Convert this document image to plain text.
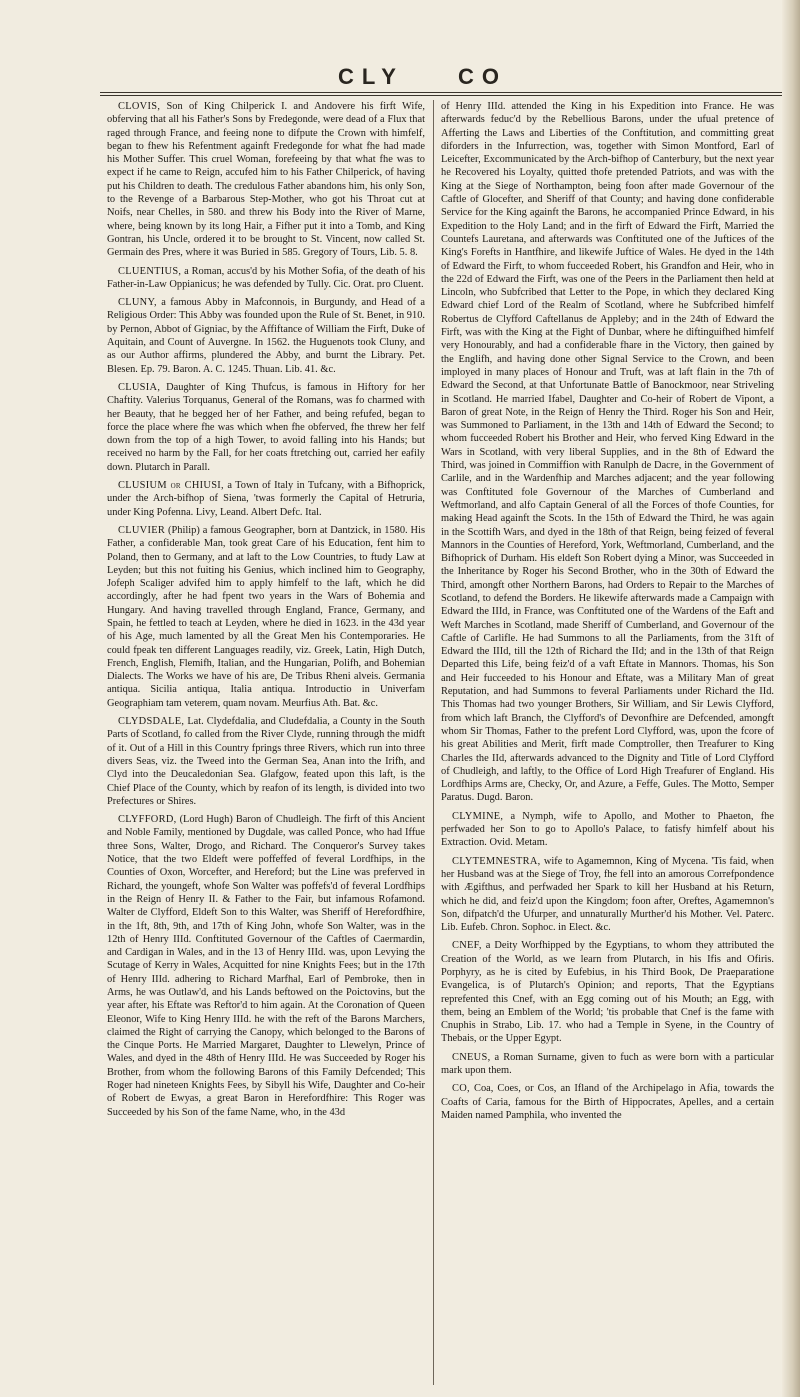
CLY CO

CLOVIS, Son of King Chilperick I. and Andovere his firft Wife, obferving that all his Father's Sons by Fredegonde, were dead of a Flux that raged through France, and feeing none to difpute the Crown with himfelf, began to fhew his Refentment againft Fredegonde for what fhe had made his Mother Suffer. This cruel Woman, forefeeing by that what fhe was to expect if he came to Reign, accufed him to his Father Chilperick, of having put his Children to death. The credulous Father abandons him, his only Son, to the Revenge of a Barbarous Step-Mother, who got his Throat cut at Noifs, near Chelles, in 580. and threw his Body into the River of Marne, where, being known by its long Hair, a Fifher put it into a Tomb, and King Gontran, his Uncle, ordered it to be brought to St. Vincent, now called St. Germain des Pres, where it was Buried in 585. Gregory of Tours, Lib. 5. 8.

CLUENTIUS, a Roman, accus'd by his Mother Sofia, of the death of his Father-in-Law Oppianicus; he was defended by Tully. Cic. Orat. pro Cluent.

CLUNY, a famous Abby in Mafconnois, in Burgundy, and Head of a Religious Order: This Abby was founded upon the Rule of St. Benet, in 910. by Pernon, Abbot of Gigniac, by the Affiftance of William the Firft, Duke of Aquitain, and Count of Auvergne. In 1562. the Huguenots took Cluny, and as our Author affirms, plundered the Abby, and burnt the Library. Pet. Blesen. Ep. 79. Baron. A. C. 1245. Thuan. Lib. 41. &c.

CLUSIA, Daughter of King Thufcus, is famous in Hiftory for her Chaftity. Valerius Torquanus, General of the Romans, was fo charmed with her Beauty, that he begged her of her Father, and being refufed, began to force the place where fhe was which when fhe obferved, fhe threw her felf down from the top of a high Tower, to avoid falling into his Hands; but received no harm by the Fall, for her coats ftretching out, carried her eafily down. Plutarch in Parall.

CLUSIUM or CHIUSI, a Town of Italy in Tufcany, with a Bifhoprick, under the Arch-bifhop of Siena, 'twas formerly the Capital of Hetruria, under King Pofenna. Livy, Leand. Albert Defc. Ital.

CLUVIER (Philip) a famous Geographer, born at Dantzick, in 1580. His Father, a confiderable Man, took great Care of his Education, fent him to Poland, then to Germany, and at laft to the Low Countries, to ftudy Law at Leyden; but this not fuiting his Genius, which inclined him to Geography, Jofeph Scaliger advifed him to apply himfelf to the laft, which he did accordingly, after he had fpent two years in the Wars of Bohemia and Hungary. And having travelled through England, France, Germany, and Spain, he fettled to teach at Leyden, where he died in 1623. in the 43d year of his Age, much lamented by all the Great Men his Contemporaries. He could fpeak ten different Languages readily, viz. Greek, Latin, High Dutch, French, English, Flemifh, Italian, and the Hungarian, Polifh, and Bohemian Dialects. The Works we have of his are, De Tribus Rheni alveis. Germania antiqua. Sicilia antiqua, Italia antiqua. Introductio in Univerfam Geographiam tam veterem, quam novam. Meurfius Ath. Bat. &c.

CLYDSDALE, Lat. Clydefdalia, and Cludefdalia, a County in the South Parts of Scotland, fo called from the River Clyde, running through the midft of it. Out of a Hill in this Country fprings three Rivers, which run into three divers Seas, viz. the Tweed into the German Sea, Anan into the Irifh, and Clyd into the Deucaledonian Sea. Glafgow, feated upon this laft, is the Chief Place of the County, which by reafon of its length, is divided into two Prefectures or Shires.

CLYFFORD, (Lord Hugh) Baron of Chudleigh. The firft of this Ancient and Noble Family, mentioned by Dugdale, was called Ponce, who had Iffue three Sons, Walter, Drogo, and Richard. The Conqueror's Survey takes Notice, that the two Eldeft were poffeffed of feveral Lordfhips, in the Counties of Oxon, Worcefter, and Hereford; but the Line was preferved in Richard, the youngeft, whofe Son Walter was poffefs'd of feveral Lordfhips in the Reign of Henry II. & Father to the Fair, but infamous Rofamond. Walter de Clyfford, Eldeft Son to this Walter, was Sheriff of Herefordfhire, in the 1ft, 8th, 9th, and 17th of King John, whofe Son Walter, was in the 12th of Henry IIId. Conftituted Governour of the Caftles of Caermardin, and Cardigan in Wales, and in the 13 of Henry IIId. was, upon Levying the Scutage of Kerry in Wales, Acquitted for nine Knights Fees; but in the 17th of Henry IIId. adhering to Richard Marfhal, Earl of Pembroke, then in Arms, he was Outlaw'd, and his Lands beftowed on the Poictovins, but the year after, his Eftate was Reftor'd to him again. At the Coronation of Queen Eleonor, Wife to King Henry IIId. he with the reft of the Barons Marchers, claimed the Right of carrying the Canopy, which belonged to the Barons of the Cinque Ports. He Married Margaret, Daughter to Llewelyn, Prince of Wales, and dyed in the 48th of Henry IIId. He was Succeeded by Roger his Brother, from whom the following Barons of this Family Defcended; This Roger had nineteen Knights Fees, by Sibyll his Wife, Daughter and Co-heir of Robert de Ewyas, a great Baron in Herefordfhire: This Roger was Succeeded by his Son of the fame Name, who, in the 43d

of Henry IIId. attended the King in his Expedition into France. He was afterwards feduc'd by the Rebellious Barons, under the ufual pretence of Afferting the Laws and Liberties of the Conftitution, and committing great diforders in the Infurrection, was, together with Simon Montford, Earl of Leicefter, Excommunicated by the Arch-bifhop of Canterbury, but the next year he Recovered his Loyalty, quitted thofe pretended Patriots, and was with the King at the Siege of Northampton, being foon after made Governour of the Caftle of Glocefter, and Sheriff of that County; and having done confiderable Service for the King againft the Barons, he accompanied Prince Edward, in his Expedition to the Holy Land; and in the firft of Edward the Firft, Married the Countefs Lauretana, and afterwards was Conftituted one of the Juftices of the King's Forefts in Hantfhire, and likewife Juftice of Wales. He dyed in the 14th of Edward the Firft, to whom fucceeded Robert, his Grandfon and Heir, who in the 22d of Edward the Firft, was one of the Peers in the Parliament then held at Lincoln, who Subfcribed that Letter to the Pope, in which they declared King Edward chief Lord of the Realm of Scotland, where he Subfcribed himfelf Robertus de Clyfford Caftellanus de Appleby; and in the 24th of Edward the Firft, was with the King at the Fight of Dunbar, where he diftinguifhed himfelf very Honourably, and had a confiderable fhare in the Victory, then gained by the Englifh, and having done other Signal Service to the Crown, and been imployed in many places of Honour and Truft, was at laft flain in the 7th of Edward the Second, at that Unfortunate Battle of Banockmoor, near Striveling in Scotland. He married Ifabel, Daughter and Co-heir of Robert de Vipont, a Baron of great Note, in the Reign of Henry the Third. Roger his Son and Heir, was Summoned to Parliament, in the 13th and 14th of Edward the Second; to whom fucceeded Robert his Brother and Heir, who ferved King Edward in the Wars in Scotland, with very liberal Supplies, and in the 8th of Edward the Third, was joined in Commiffion with Ranulph de Dacre, in the Government of Carlile, and in the Wardenfhip and Marches adjacent; and the year following was Conftituted fole Governour of the Marches of Cumberland and Weftmorland, and alfo Captain General of all the Forces of thofe Counties, for making Head againft the Scots. In the 15th of Edward the Third, he was again in the Scottifh Wars, and dyed in the 18th of that Reign, being feized of feveral Mannors in the Counties of Hereford, York, Weftmorland, Cumberland, and the Bifhoprick of Durham. His eldeft Son Robert dying a Minor, was Succeeded in the Inheritance by Roger his Second Brother, who in the 30th of Edward the Third, amongft other Northern Barons, had Orders to Repair to the Marches of Scotland, to defend the Borders. He likewife afterwards made a Campaign with Edward the IIId, in France, was Conftituted one of the Wardens of the Eaft and Weft Marches in Scotland, made Sheriff of Cumberland, and Governour of the Caftle of Carlifle. He had Summons to all the Parliaments, from the 31ft of Edward the IIId, till the 12th of Richard the IId; and in the 13th of that Reign Departed this Life, being feiz'd of a vaft Eftate in Mannors. Thomas, his Son and Heir fucceeded to his Honour and Eftate, was a Military Man of great Reputation, and had Summons to feveral Parliaments under Richard the IId. This Thomas had two younger Brothers, Sir William, and Sir Lewis Clyfford, from which laft Branch, the Clyfford's of Devonfhire are Defcended, amongft whom Sir Thomas, Father to the prefent Lord Clyfford, was, upon the fcore of his great Abilities and Merit, firft made Comptroller, then Treafurer to King Charles the IId, afterwards advanced to the Dignity and Title of Lord Clyfford of Chudleigh, and laftly, to the Office of Lord High Treafurer of England. His Lordfhips Arms are, Checky, Or, and Azure, a Feffe, Gules. The Motto, Semper Paratus. Dugd. Baron.

CLYMINE, a Nymph, wife to Apollo, and Mother to Phaeton, fhe perfwaded her Son to go to Apollo's Palace, to fatisfy himfelf about his Extraction. Ovid. Metam.

CLYTEMNESTRA, wife to Agamemnon, King of Mycena. 'Tis faid, when her Husband was at the Siege of Troy, fhe fell into an amorous Correfpondence with Ægifthus, and perfwaded her Spark to kill her Husband at his Return, which he did, and feiz'd upon the Kingdom; foon after, Oreftes, Agamemnon's Son, difpatch'd the Ufurper, and unnaturally Murther'd his Mother. Vel. Paterc. Lib. Eufeb. Chron. Sophoc. in Elect. &c.

CNEF, a Deity Worfhipped by the Egyptians, to whom they attributed the Creation of the World, as we learn from Plutarch, in his Ifis and Ofiris. Porphyry, as he is cited by Eufebius, in his Third Book, De Praeparatione Evangelica, is of Plutarch's Opinion; and reports, That the Egyptians reprefented this Cnef, with an Egg coming out of his Mouth; an Egg, with them, being an Emblem of the World; 'tis probable that Cnef is the fame with Cnuphis in Strabo, Lib. 17. who had a Temple in Syene, in the Country of Thebais, or the Upper Egypt.

CNEUS, a Roman Surname, given to fuch as were born with a particular mark upon them.

CO, Coa, Coes, or Cos, an Ifland of the Archipelago in Afia, towards the Coafts of Caria, famous for the Birth of Hippocrates, Apelles, and a certain Maiden named Pamphila, who invented the
